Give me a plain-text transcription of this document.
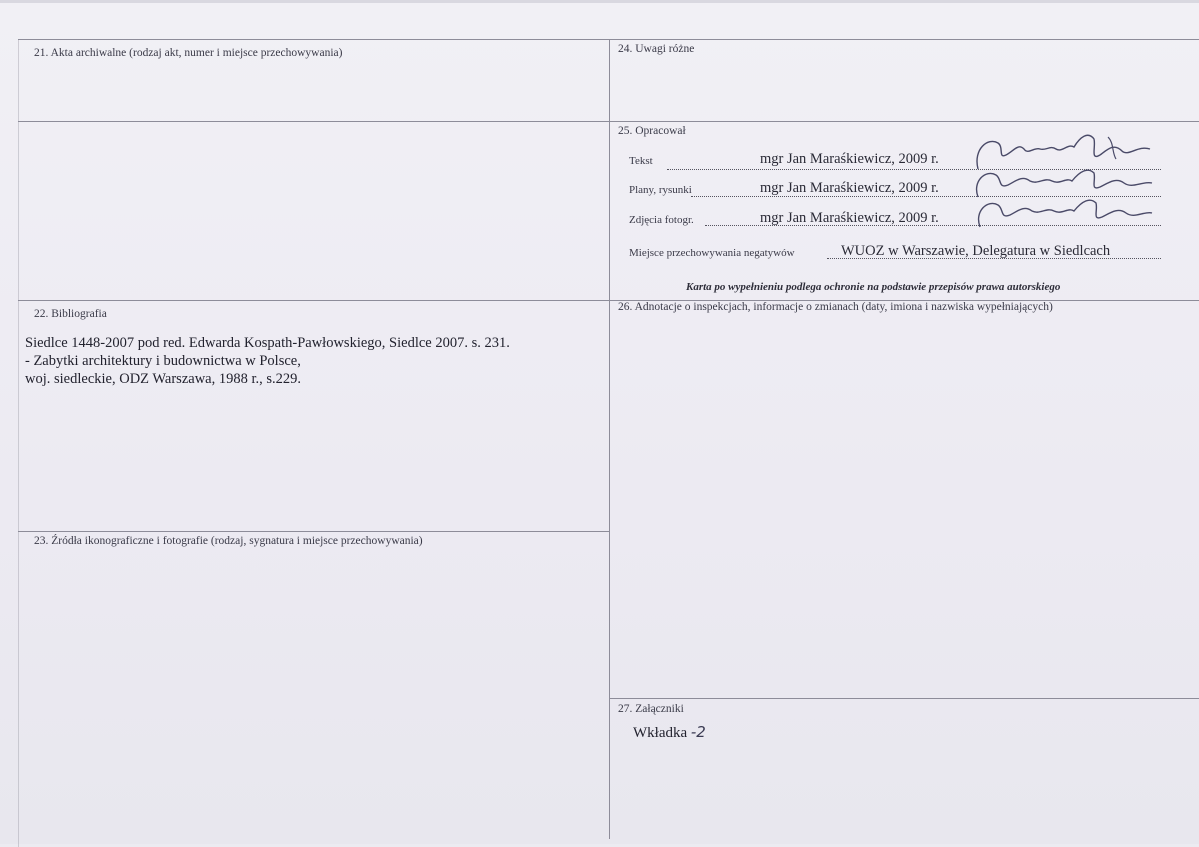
21. Akta archiwalne (rodzaj akt, numer i miejsce przechowywania)	24. Uwagi różne
25. Opracował
Tekst	mgr Jan Maraśkiewicz, 2009 r.
Plany, rysunki	mgr Jan Maraśkiewicz, 2009 r.
Zdjęcia fotogr.	mgr Jan Maraśkiewicz, 2009 r.
Miejsce przechowywania negatywów	WUOZ w Warszawie, Delegatura w Siedlcach
Karta po wypełnieniu podlega ochronie na podstawie przepisów prawa autorskiego
22. Bibliografia
Siedlce 1448-2007 pod red. Edwarda Kospath-Pawłowskiego, Siedlce 2007. s. 231.
- Zabytki architektury i budownictwa w Polsce,
woj. siedleckie, ODZ Warszawa, 1988 r., s.229.
26. Adnotacje o inspekcjach, informacje o zmianach (daty, imiona i nazwiska wypełniających)
23. Źródła ikonograficzne i fotografie (rodzaj, sygnatura i miejsce przechowywania)
27. Załączniki
Wkładka -2
